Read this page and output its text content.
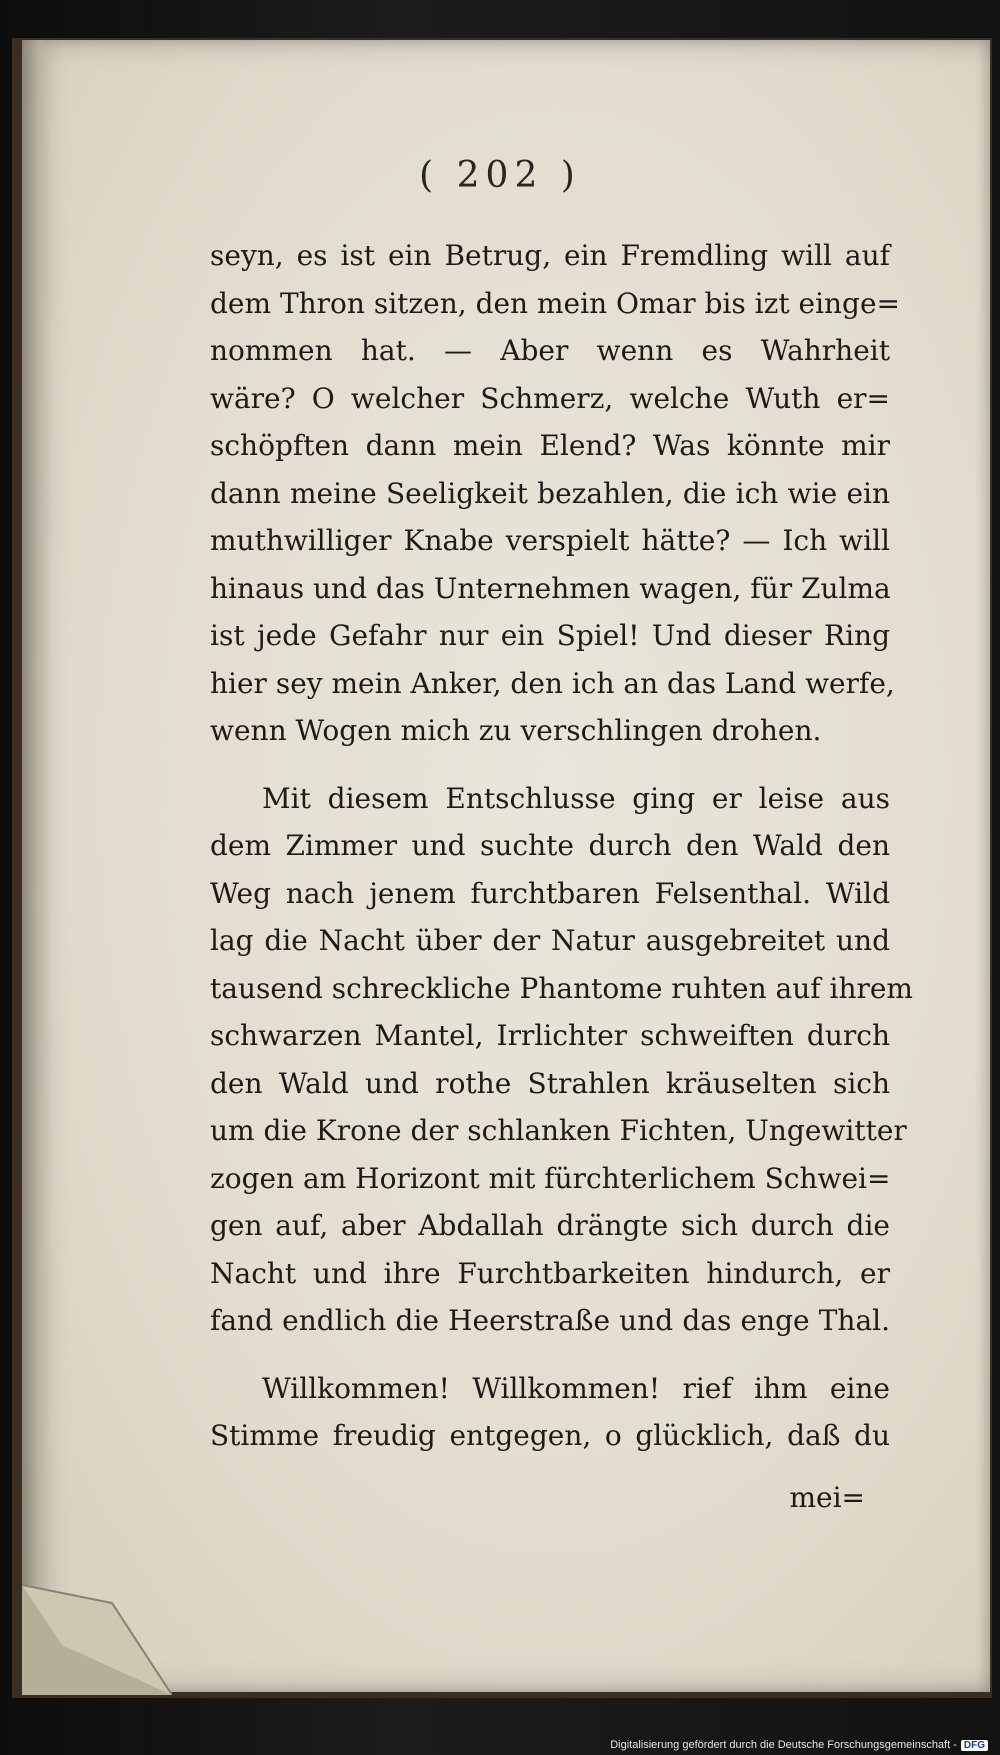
( 202 )
seyn, es ist ein Betrug, ein Fremdling will auf
dem Thron sitzen, den mein Omar bis izt einge=
nommen hat. — Aber wenn es Wahrheit
wäre? O welcher Schmerz, welche Wuth er=
schöpften dann mein Elend? Was könnte mir
dann meine Seeligkeit bezahlen, die ich wie ein
muthwilliger Knabe verspielt hätte? — Ich will
hinaus und das Unternehmen wagen, für Zulma
ist jede Gefahr nur ein Spiel! Und dieser Ring
hier sey mein Anker, den ich an das Land werfe,
wenn Wogen mich zu verschlingen drohen.
Mit diesem Entschlusse ging er leise aus
dem Zimmer und suchte durch den Wald den
Weg nach jenem furchtbaren Felsenthal. Wild
lag die Nacht über der Natur ausgebreitet und
tausend schreckliche Phantome ruhten auf ihrem
schwarzen Mantel, Irrlichter schweiften durch
den Wald und rothe Strahlen kräuselten sich
um die Krone der schlanken Fichten, Ungewitter
zogen am Horizont mit fürchterlichem Schwei=
gen auf, aber Abdallah drängte sich durch die
Nacht und ihre Furchtbarkeiten hindurch, er
fand endlich die Heerstraße und das enge Thal.
Willkommen! Willkommen! rief ihm eine
Stimme freudig entgegen, o glücklich, daß du
mei=
Digitalisierung gefördert durch die Deutsche Forschungsgemeinschaft - DFG
